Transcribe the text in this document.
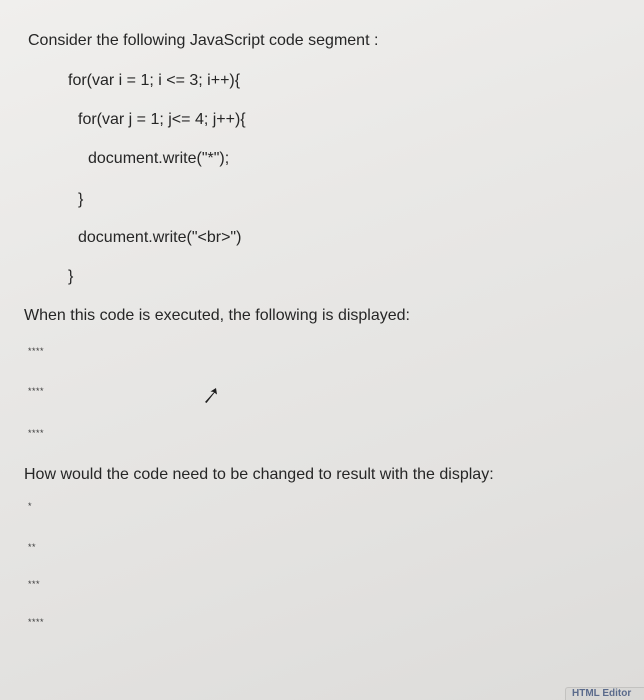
Consider the following JavaScript code segment :
for(var i = 1; i <= 3; i++){
for(var j = 1; j<= 4; j++){
document.write("*");
}
document.write("<br>")
}
When this code is executed, the following is displayed:
****
****
****
How would the code need to be changed to result with the display:
*
**
***
****
HTML Editor
